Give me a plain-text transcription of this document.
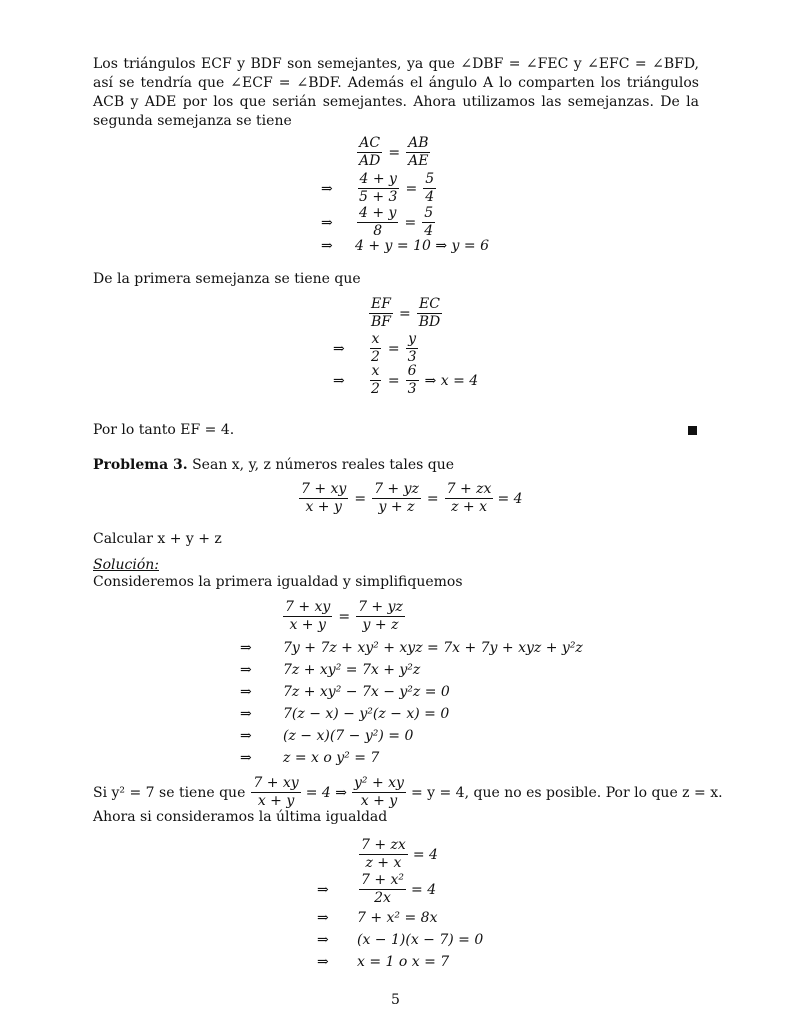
Los triángulos ECF y BDF son semejantes, ya que ∠DBF = ∠FEC y ∠EFC = ∠BFD, así se tendría que ∠ECF = ∠BDF. Además el ángulo A lo comparten los triángulos ACB y ADE por los que serián semejantes. Ahora utilizamos las semejanzas. De la segunda semejanza se tiene
$\frac{AC}{AD} = \frac{AB}{AE}$
⇒	$\frac{4 + y}{5 + 3} = \frac{5}{4}$
⇒	$\frac{4 + y}{8} = \frac{5}{4}$
⇒	4 + y = 10 ⇒ y = 6
De la primera semejanza se tiene que
$\frac{EF}{BF} = \frac{EC}{BD}$
⇒	$\frac{x}{2} = \frac{y}{3}$
⇒	$\frac{x}{2} = \frac{6}{3}$ ⇒ x = 4
Por lo tanto EF = 4.
Problema 3. Sean x, y, z números reales tales que
$\frac{7 + xy}{x + y} = \frac{7 + yz}{y + z} = \frac{7 + zx}{z + x} = 4$
Calcular x + y + z
Solución:
Consideremos la primera igualdad y simplifiquemos
$\frac{7 + xy}{x + y} = \frac{7 + yz}{y + z}$
⇒	7y + 7z + xy² + xyz = 7x + 7y + xyz + y²z
⇒	7z + xy² = 7x + y²z
⇒	7z + xy² − 7x − y²z = 0
⇒	7(z − x) − y²(z − x) = 0
⇒	(z − x)(7 − y²) = 0
⇒	z = x o y² = 7
Si y² = 7 se tiene que $\frac{7 + xy}{x + y} = 4$ ⇒ $\frac{\text{y² + xy}}{x + y} = y = 4$, que no es posible. Por lo que z = x.
Ahora si consideramos la última igualdad
$\frac{7 + zx}{z + x} = 4$
⇒	$\frac{\text{7 + x²}}{2x} = 4$
⇒	7 + x² = 8x
⇒	(x − 1)(x − 7) = 0
⇒	x = 1 o x = 7
5
